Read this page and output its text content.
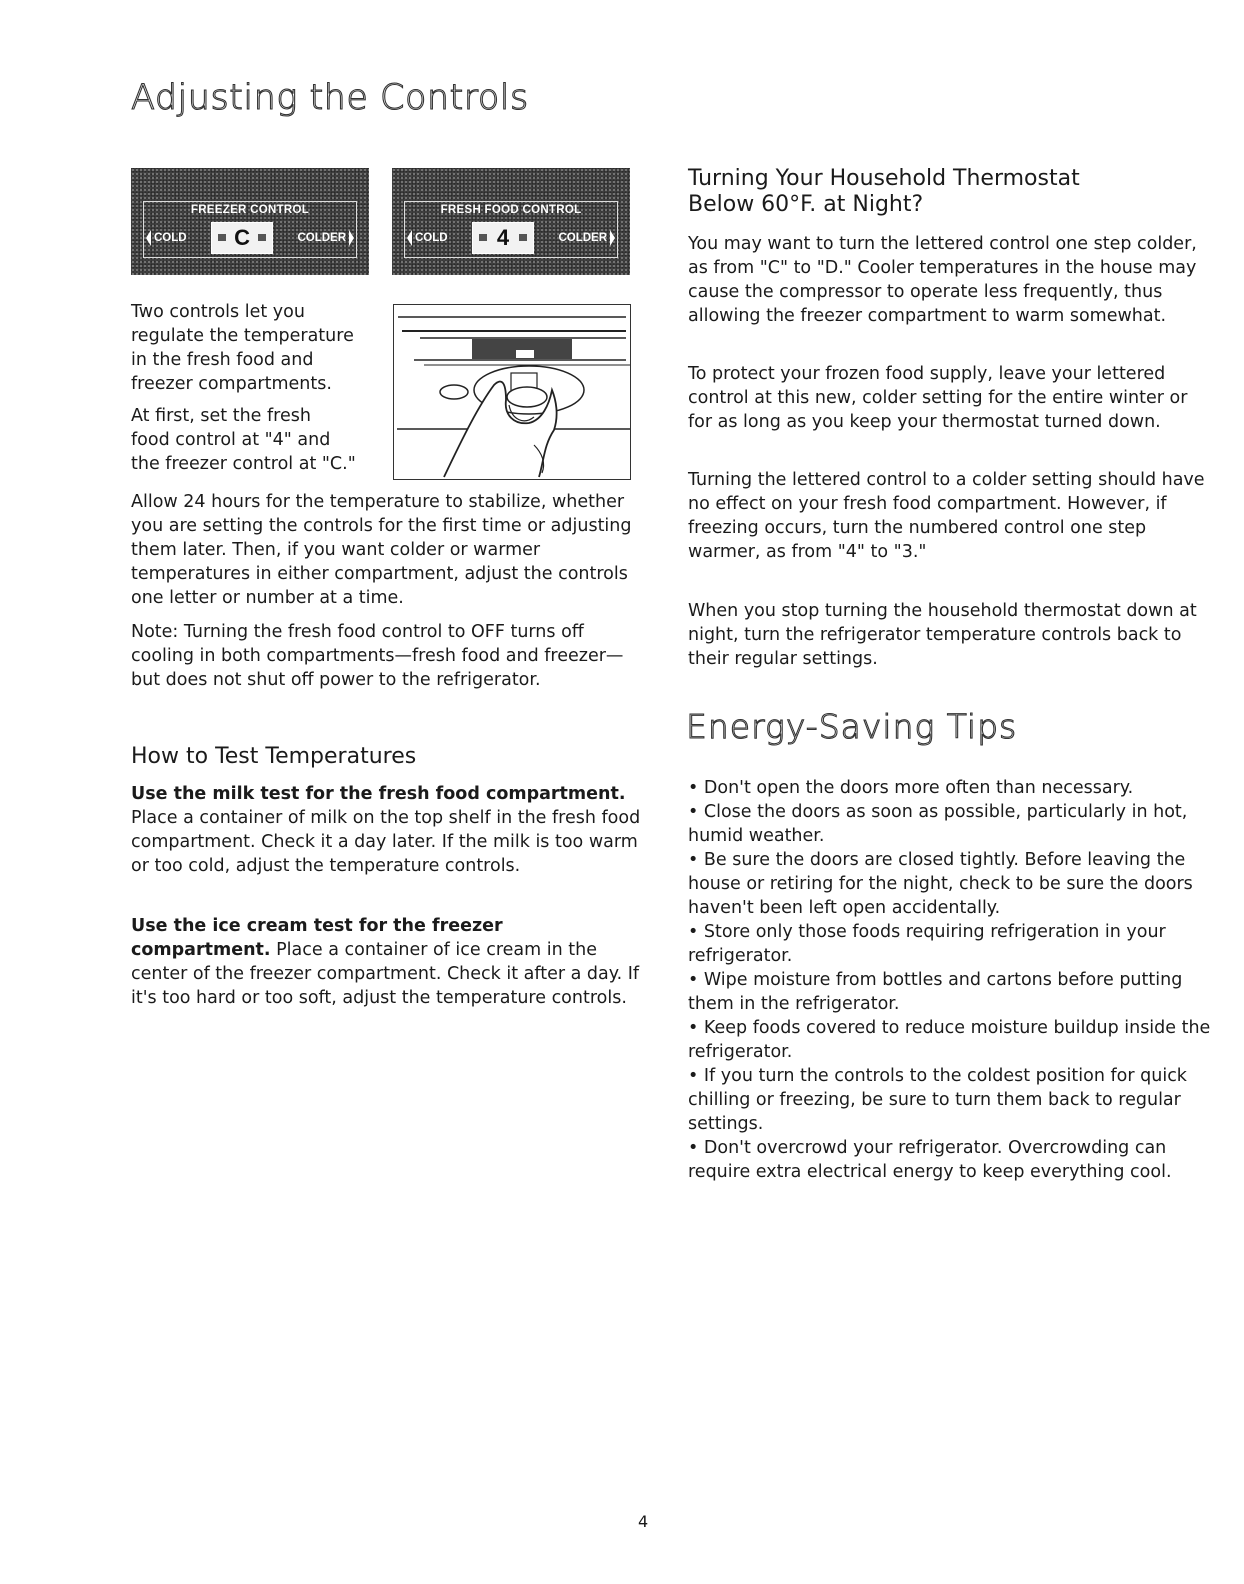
Adjusting the Controls
FREEZER CONTROL
COLD C	COLDER
FRESH FOOD CONTROL
COLD 4	COLDER

Two controls let you

regulate the temperature

in the fresh food and

freezer compartments.

At first, set the fresh

food control at "4" and

the freezer control at "C."

Allow 24 hours for the temperature to stabilize, whether you are setting the controls for the first time or adjusting them later. Then, if you want colder or warmer temperatures in either compartment, adjust the controls one letter or number at a time.
Note: Turning the fresh food control to OFF turns off cooling in both compartments—fresh food and freezer—but does not shut off power to the refrigerator.
How to Test Temperatures
Use the milk test for the fresh food compartment. Place a container of milk on the top shelf in the fresh food compartment. Check it a day later. If the milk is too warm or too cold, adjust the temperature controls.
Use the ice cream test for the freezer compartment. Place a container of ice cream in the center of the freezer compartment. Check it after a day. If it's too hard or too soft, adjust the temperature controls.
Turning Your Household Thermostat
Below 60°F. at Night?
You may want to turn the lettered control one step colder, as from "C" to "D." Cooler temperatures in the house may cause the compressor to operate less frequently, thus allowing the freezer compartment to warm somewhat.
To protect your frozen food supply, leave your lettered control at this new, colder setting for the entire winter or for as long as you keep your thermostat turned down.
Turning the lettered control to a colder setting should have no effect on your fresh food compartment. However, if freezing occurs, turn the numbered control one step warmer, as from "4" to "3."
When you stop turning the household thermostat down at night, turn the refrigerator temperature controls back to their regular settings.
Energy-Saving Tips

• Don't open the doors more often than necessary.

• Close the doors as soon as possible, particularly in hot, humid weather.

• Be sure the doors are closed tightly. Before leaving the house or retiring for the night, check to be sure the doors haven't been left open accidentally.

• Store only those foods requiring refrigeration in your refrigerator.

• Wipe moisture from bottles and cartons before putting them in the refrigerator.

• Keep foods covered to reduce moisture buildup inside the refrigerator.

• If you turn the controls to the coldest position for quick chilling or freezing, be sure to turn them back to regular settings.

• Don't overcrowd your refrigerator. Overcrowding can require extra electrical energy to keep everything cool.

4
